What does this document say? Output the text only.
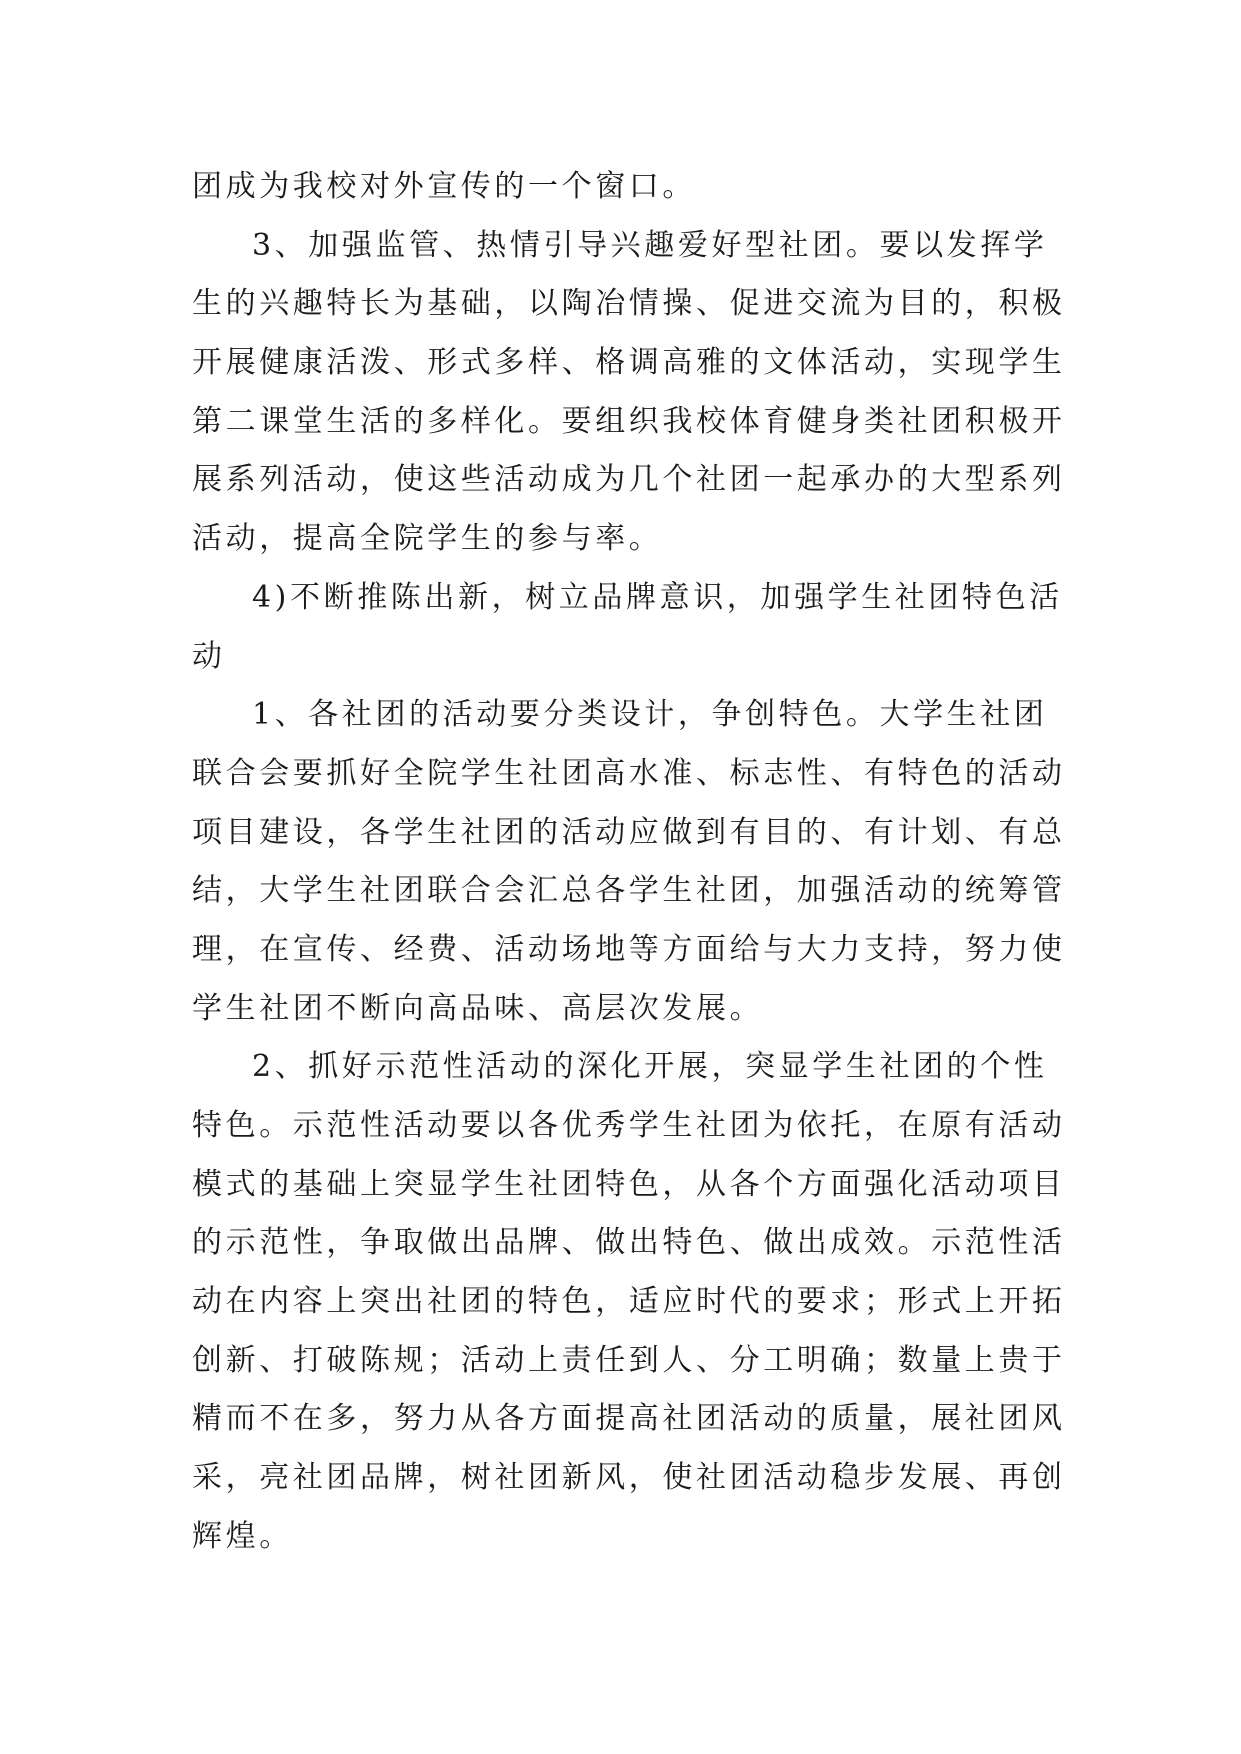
团成为我校对外宣传的一个窗口。
3、加强监管、热情引导兴趣爱好型社团。要以发挥学
生的兴趣特长为基础，以陶冶情操、促进交流为目的，积极
开展健康活泼、形式多样、格调高雅的文体活动，实现学生
第二课堂生活的多样化。要组织我校体育健身类社团积极开
展系列活动，使这些活动成为几个社团一起承办的大型系列
活动，提高全院学生的参与率。
4)不断推陈出新，树立品牌意识，加强学生社团特色活
动
1、各社团的活动要分类设计，争创特色。大学生社团
联合会要抓好全院学生社团高水准、标志性、有特色的活动
项目建设，各学生社团的活动应做到有目的、有计划、有总
结，大学生社团联合会汇总各学生社团，加强活动的统筹管
理，在宣传、经费、活动场地等方面给与大力支持，努力使
学生社团不断向高品味、高层次发展。
2、抓好示范性活动的深化开展，突显学生社团的个性
特色。示范性活动要以各优秀学生社团为依托，在原有活动
模式的基础上突显学生社团特色，从各个方面强化活动项目
的示范性，争取做出品牌、做出特色、做出成效。示范性活
动在内容上突出社团的特色，适应时代的要求；形式上开拓
创新、打破陈规；活动上责任到人、分工明确；数量上贵于
精而不在多，努力从各方面提高社团活动的质量，展社团风
采，亮社团品牌，树社团新风，使社团活动稳步发展、再创
辉煌。
